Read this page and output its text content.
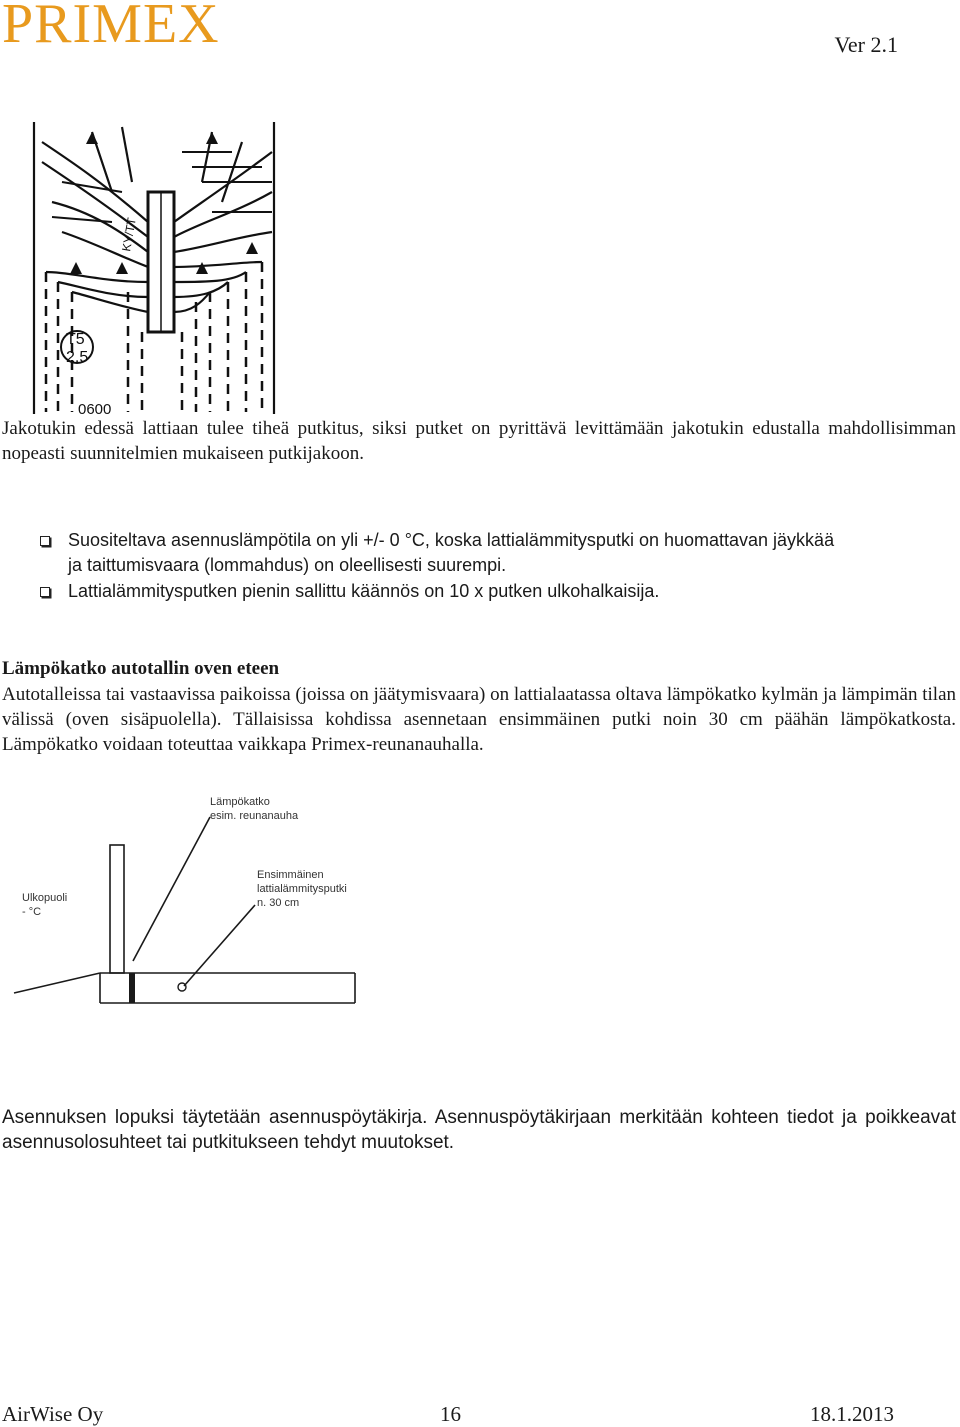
PRIMEX	Ver 2.1
KY/TT
T5
2.5
0600
Jakotukin edessä lattiaan tulee tiheä putkitus, siksi putket on pyrittävä levittämään jakotukin edustalla mahdollisimman nopeasti suunnitelmien mukaiseen putkijakoon.
Suositeltava asennuslämpötila on yli +/- 0 °C, koska lattialämmitysputki on huomattavan jäykkää
ja taittumisvaara (lommahdus) on oleellisesti suurempi.
Lattialämmitysputken pienin sallittu käännös on 10 x putken ulkohalkaisija.
Lämpökatko autotallin oven eteen
Autotalleissa tai vastaavissa paikoissa (joissa on jäätymisvaara) on lattialaatassa oltava lämpökatko kylmän ja lämpimän tilan välissä (oven sisäpuolella). Tällaisissa kohdissa asennetaan ensimmäinen putki noin 30 cm päähän lämpökatkosta. Lämpökatko voidaan toteuttaa vaikkapa Primex-reunanauhalla.
Lämpökatko
esim. reunanauha
Ensimmäinen
lattialämmitysputki
n. 30 cm
Ulkopuoli
- °C
Asennuksen lopuksi täytetään asennuspöytäkirja. Asennuspöytäkirjaan merkitään kohteen tiedot ja poikkeavat asennusolosuhteet tai putkitukseen tehdyt muutokset.
AirWise Oy	16	18.1.2013
